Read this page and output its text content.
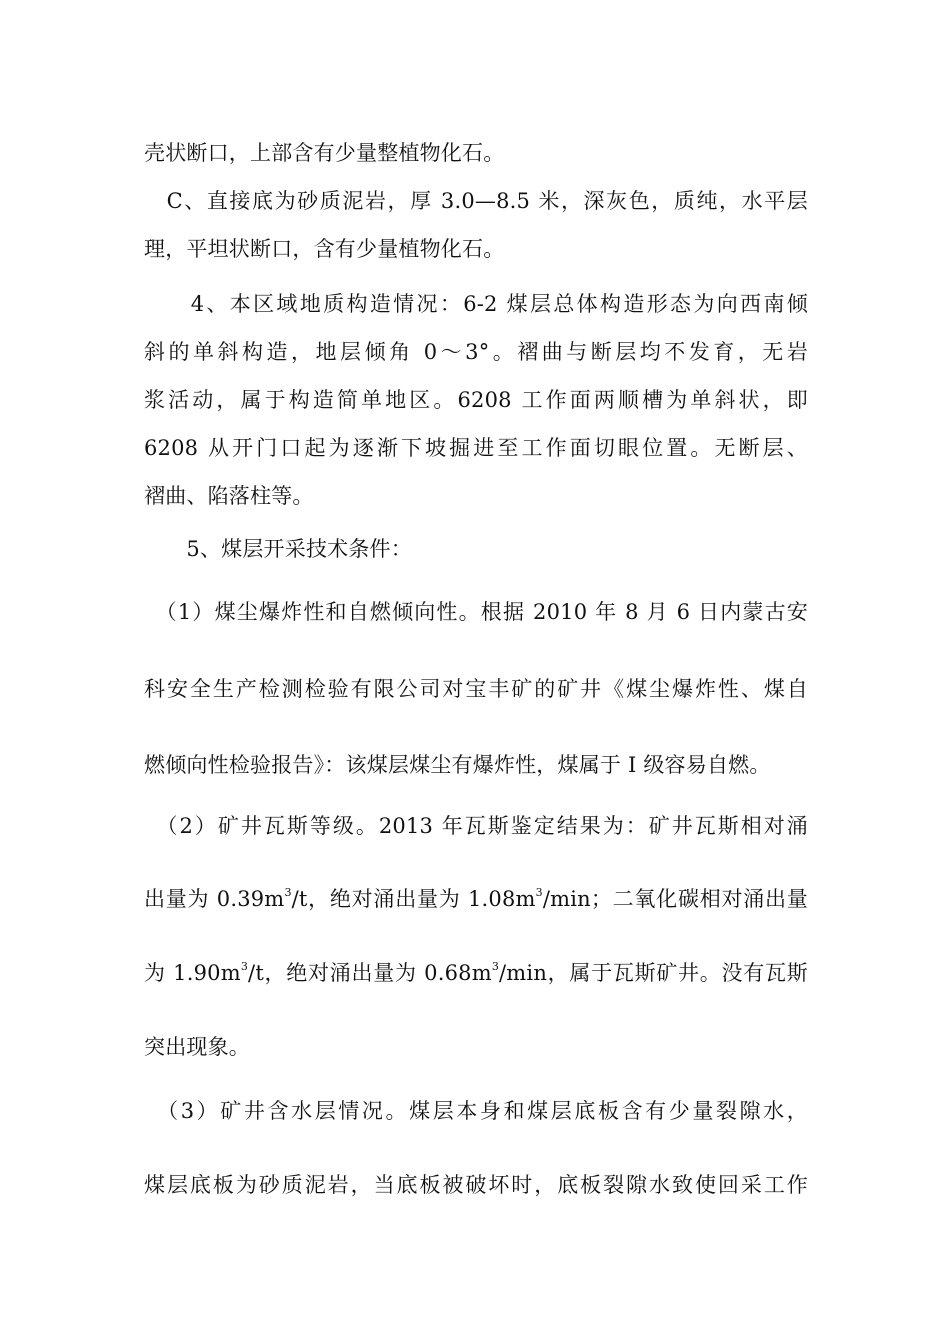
壳状断口，上部含有少量整植物化石。
　C、直接底为砂质泥岩，厚 3.0—8.5 米，深灰色，质纯，水平层
理，平坦状断口，含有少量植物化石。
　　4、本区域地质构造情况：6-2 煤层总体构造形态为向西南倾
斜的单斜构造，地层倾角 0～3°。褶曲与断层均不发育，无岩
浆活动，属于构造简单地区。6208 工作面两顺槽为单斜状，即
6208 从开门口起为逐渐下坡掘进至工作面切眼位置。无断层、
褶曲、陷落柱等。
　　5、煤层开采技术条件：
　（1）煤尘爆炸性和自燃倾向性。根据 2010 年 8 月 6 日内蒙古安
科安全生产检测检验有限公司对宝丰矿的矿井《煤尘爆炸性、煤自
燃倾向性检验报告》：该煤层煤尘有爆炸性，煤属于 I 级容易自燃。
　（2）矿井瓦斯等级。2013 年瓦斯鉴定结果为：矿井瓦斯相对涌
出量为 $0.39m^3/t$，绝对涌出量为 $1.08m^3/\min$；二氧化碳相对涌出量
为 $1.90m^3/t$，绝对涌出量为 $0.68m^3/\min$，属于瓦斯矿井。没有瓦斯
突出现象。
　（3）矿井含水层情况。煤层本身和煤层底板含有少量裂隙水，
煤层底板为砂质泥岩，当底板被破坏时，底板裂隙水致使回采工作
